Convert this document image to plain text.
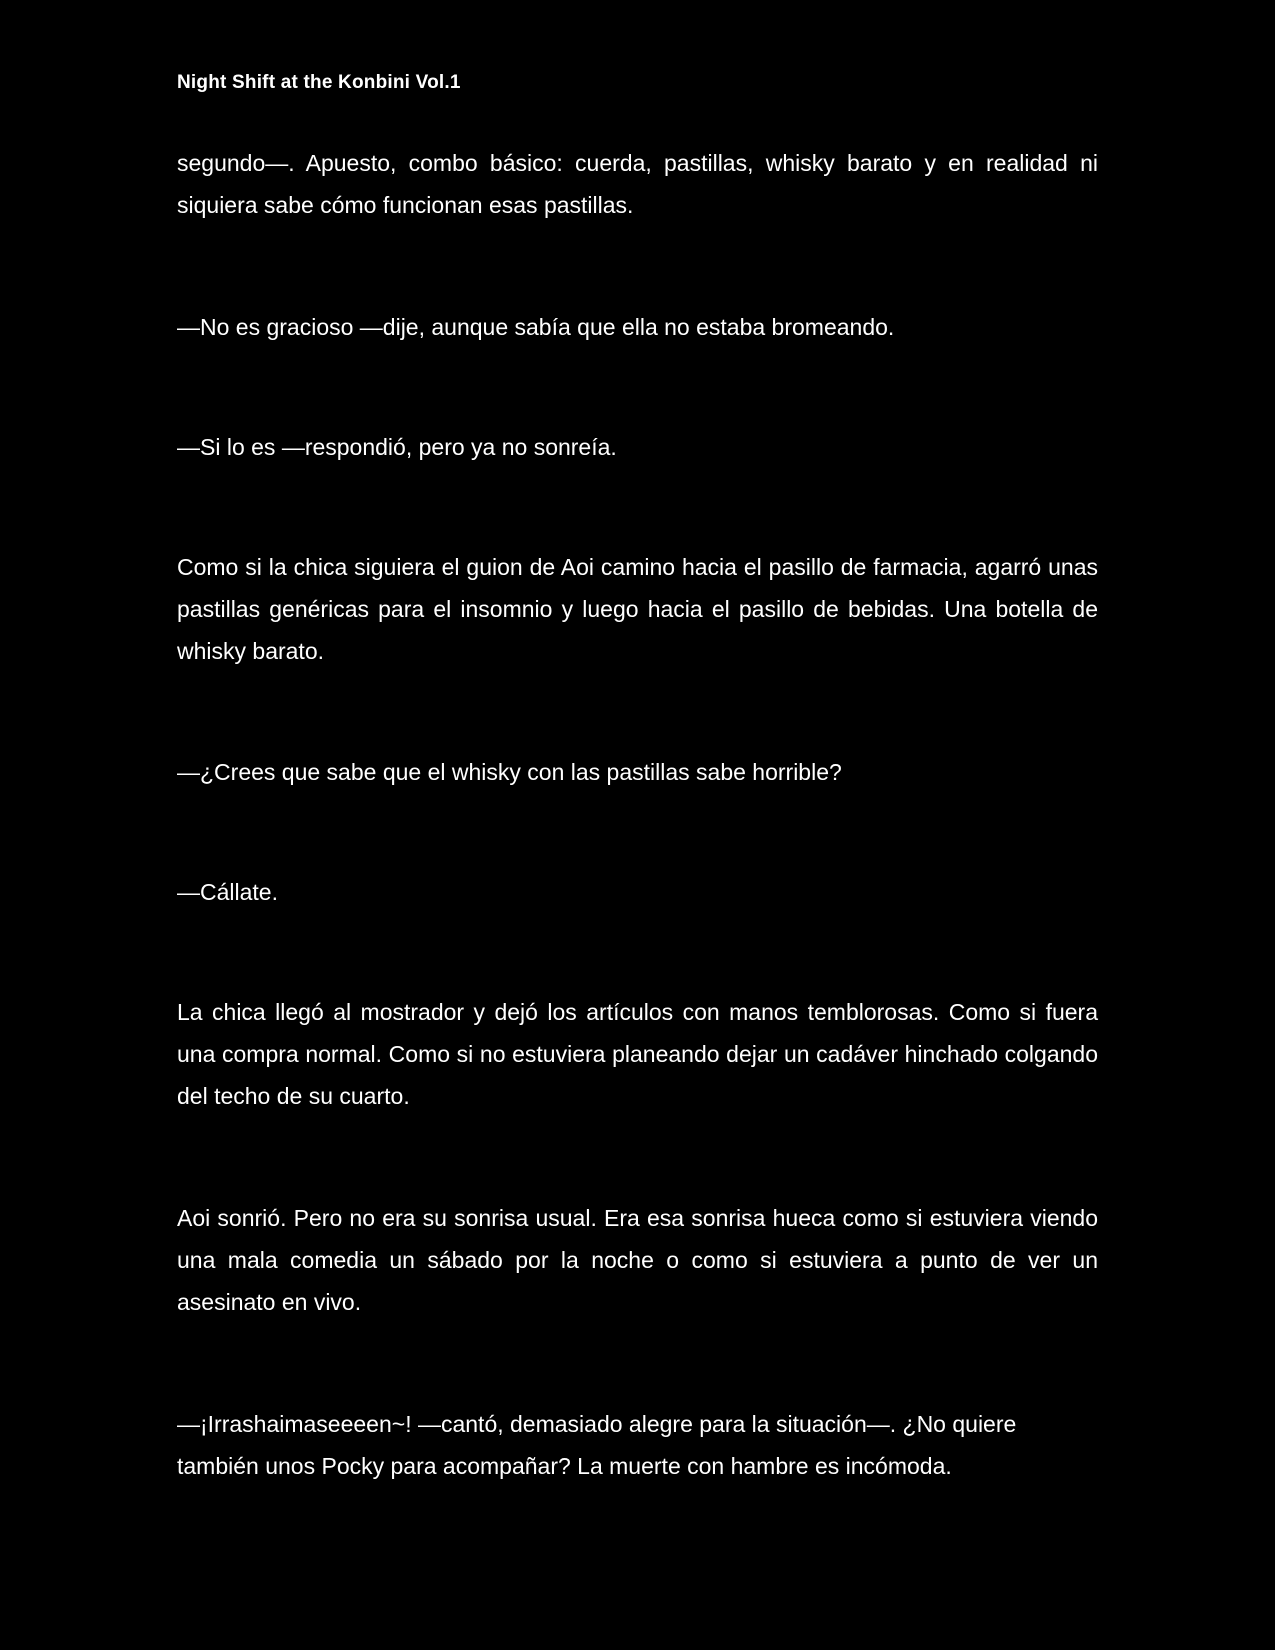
Night Shift at the Konbini Vol.1

segundo—. Apuesto, combo básico: cuerda, pastillas, whisky barato y en realidad ni siquiera sabe cómo funcionan esas pastillas.

—No es gracioso —dije, aunque sabía que ella no estaba bromeando.

—Si lo es —respondió, pero ya no sonreía.

Como si la chica siguiera el guion de Aoi camino hacia el pasillo de farmacia, agarró unas pastillas genéricas para el insomnio y luego hacia el pasillo de bebidas. Una botella de whisky barato.

—¿Crees que sabe que el whisky con las pastillas sabe horrible?

—Cállate.

La chica llegó al mostrador y dejó los artículos con manos temblorosas. Como si fuera una compra normal. Como si no estuviera planeando dejar un cadáver hinchado colgando del techo de su cuarto.

Aoi sonrió. Pero no era su sonrisa usual. Era esa sonrisa hueca como si estuviera viendo una mala comedia un sábado por la noche o como si estuviera a punto de ver un asesinato en vivo.

—¡Irrashaimaseeeen~! —cantó, demasiado alegre para la situación—. ¿No quiere también unos Pocky para acompañar? La muerte con hambre es incómoda.
